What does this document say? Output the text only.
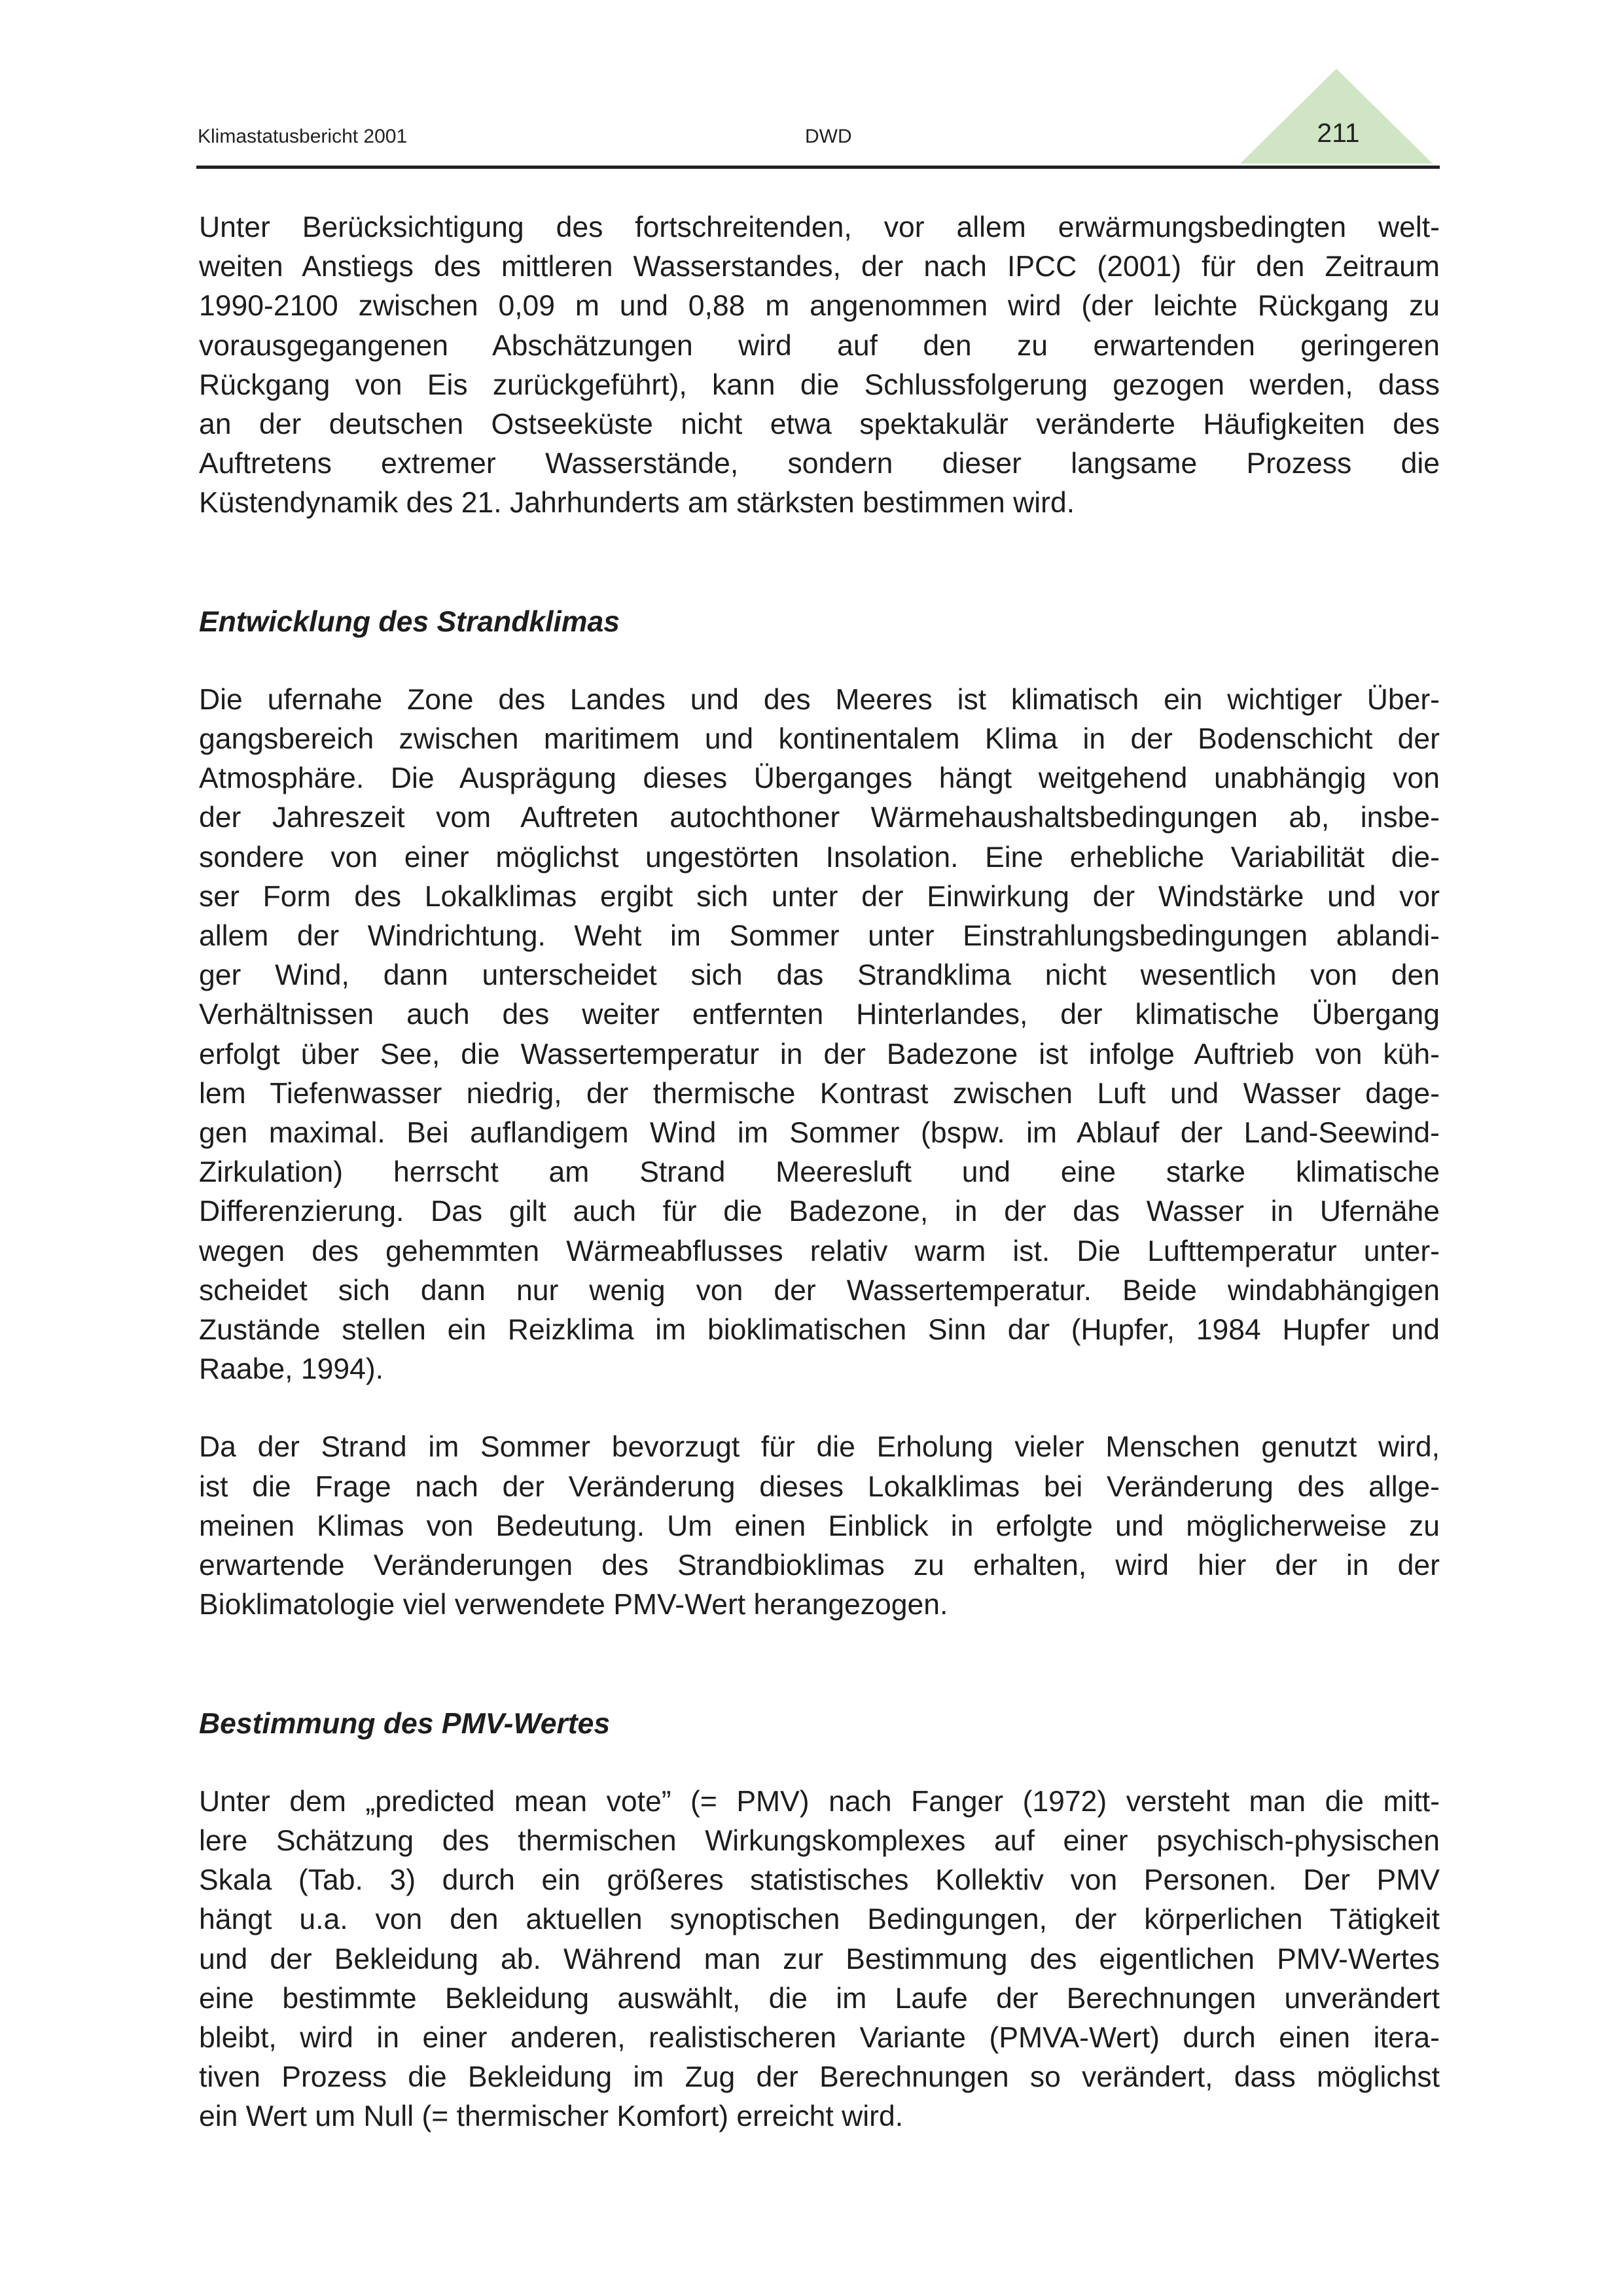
Klimastatusbericht 2001	DWD	211

Unter Berücksichtigung des fortschreitenden, vor allem erwärmungsbedingten welt-
weiten Anstiegs des mittleren Wasserstandes, der nach IPCC (2001) für den Zeitraum
1990-2100 zwischen 0,09 m und 0,88 m angenommen wird (der leichte Rückgang zu
vorausgegangenen Abschätzungen wird auf den zu erwartenden geringeren
Rückgang von Eis zurückgeführt), kann die Schlussfolgerung gezogen werden, dass
an der deutschen Ostseeküste nicht etwa spektakulär veränderte Häufigkeiten des
Auftretens extremer Wasserstände, sondern dieser langsame Prozess die
Küstendynamik des 21. Jahrhunderts am stärksten bestimmen wird.

Entwicklung des Strandklimas

Die ufernahe Zone des Landes und des Meeres ist klimatisch ein wichtiger Über-
gangsbereich zwischen maritimem und kontinentalem Klima in der Bodenschicht der
Atmosphäre. Die Ausprägung dieses Überganges hängt weitgehend unabhängig von
der Jahreszeit vom Auftreten autochthoner Wärmehaushaltsbedingungen ab, insbe-
sondere von einer möglichst ungestörten Insolation. Eine erhebliche Variabilität die-
ser Form des Lokalklimas ergibt sich unter der Einwirkung der Windstärke und vor
allem der Windrichtung. Weht im Sommer unter Einstrahlungsbedingungen ablandi-
ger Wind, dann unterscheidet sich das Strandklima nicht wesentlich von den
Verhältnissen auch des weiter entfernten Hinterlandes, der klimatische Übergang
erfolgt über See, die Wassertemperatur in der Badezone ist infolge Auftrieb von küh-
lem Tiefenwasser niedrig, der thermische Kontrast zwischen Luft und Wasser dage-
gen maximal. Bei auflandigem Wind im Sommer (bspw. im Ablauf der Land-Seewind-
Zirkulation) herrscht am Strand Meeresluft und eine starke klimatische
Differenzierung. Das gilt auch für die Badezone, in der das Wasser in Ufernähe
wegen des gehemmten Wärmeabflusses relativ warm ist. Die Lufttemperatur unter-
scheidet sich dann nur wenig von der Wassertemperatur. Beide windabhängigen
Zustände stellen ein Reizklima im bioklimatischen Sinn dar (Hupfer, 1984 Hupfer und
Raabe, 1994).

Da der Strand im Sommer bevorzugt für die Erholung vieler Menschen genutzt wird,
ist die Frage nach der Veränderung dieses Lokalklimas bei Veränderung des allge-
meinen Klimas von Bedeutung. Um einen Einblick in erfolgte und möglicherweise zu
erwartende Veränderungen des Strandbioklimas zu erhalten, wird hier der in der
Bioklimatologie viel verwendete PMV-Wert herangezogen.

Bestimmung des PMV-Wertes

Unter dem „predicted mean vote” (= PMV) nach Fanger (1972) versteht man die mitt-
lere Schätzung des thermischen Wirkungskomplexes auf einer psychisch-physischen
Skala (Tab. 3) durch ein größeres statistisches Kollektiv von Personen. Der PMV
hängt u.a. von den aktuellen synoptischen Bedingungen, der körperlichen Tätigkeit
und der Bekleidung ab. Während man zur Bestimmung des eigentlichen PMV-Wertes
eine bestimmte Bekleidung auswählt, die im Laufe der Berechnungen unverändert
bleibt, wird in einer anderen, realistischeren Variante (PMVA-Wert) durch einen itera-
tiven Prozess die Bekleidung im Zug der Berechnungen so verändert, dass möglichst
ein Wert um Null (= thermischer Komfort) erreicht wird.
